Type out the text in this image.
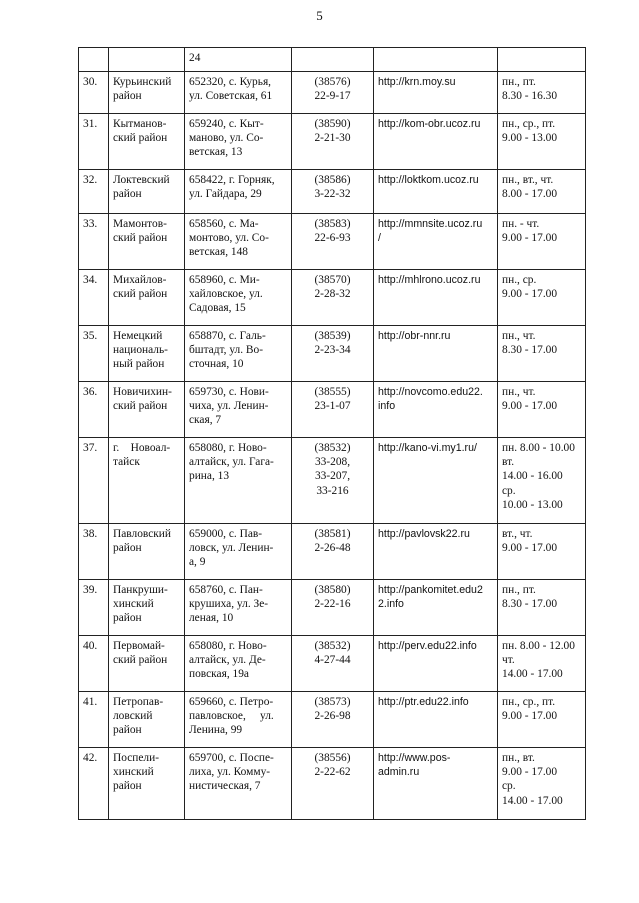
5

		24			

30.	Курьинский
район	652320, с. Курья,
ул. Советская, 61	(38576)
22-9-17	http://krn.moy.su	пн., пт.
8.30 - 16.30

31.	Кытманов-
ский район	659240, с. Кыт-
маново, ул. Со-
ветская, 13	(38590)
2-21-30	http://kom-obr.ucoz.ru	пн., ср., пт.
9.00 - 13.00

32.	Локтевский
район	658422, г. Горняк,
ул. Гайдара, 29	(38586)
3-22-32	http://loktkom.ucoz.ru	пн., вт., чт.
8.00 - 17.00

33.	Мамонтов-
ский район	658560, с. Ма-
монтово, ул. Со-
ветская, 148	(38583)
22-6-93	http://mmnsite.ucoz.ru
/	пн. - чт.
9.00 - 17.00

34.	Михайлов-
ский район	658960, с. Ми-
хайловское, ул.
Садовая, 15	(38570)
2-28-32	http://mhlrono.ucoz.ru	пн., ср.
9.00 - 17.00

35.	Немецкий
националь-
ный район	658870, с. Галь-
бштадт, ул. Во-
сточная, 10	(38539)
2-23-34	http://obr-nnr.ru	пн., чт.
8.30 - 17.00

36.	Новичихин-
ский район	659730, с. Нови-
чиха, ул. Ленин-
ская, 7	(38555)
23-1-07	http://novcomo.edu22.
info	пн., чт.
9.00 - 17.00

37.	г.    Новоал-
тайск	658080, г. Ново-
алтайск, ул. Гага-
рина, 13	(38532)
33-208,
33-207,
33-216	http://kano-vi.my1.ru/	пн. 8.00 - 10.00
вт.
14.00 - 16.00
ср.
10.00 - 13.00

38.	Павловский
район	659000, с. Пав-
ловск, ул. Ленин-
а, 9	(38581)
2-26-48	http://pavlovsk22.ru	вт., чт.
9.00 - 17.00

39.	Панкруши-
хинский
район	658760, с. Пан-
крушиха, ул. Зе-
леная, 10	(38580)
2-22-16	http://pankomitet.edu2
2.info	пн., пт.
8.30 - 17.00

40.	Первомай-
ский район	658080, г. Ново-
алтайск, ул. Де-
повская, 19а	(38532)
4-27-44	http://perv.edu22.info	пн. 8.00 - 12.00
чт.
14.00 - 17.00

41.	Петропав-
ловский
район	659660, с. Петро-
павловское,     ул.
Ленина, 99	(38573)
2-26-98	http://ptr.edu22.info	пн., ср., пт.
9.00 - 17.00

42.	Поспели-
хинский
район	659700, с. Поспе-
лиха, ул. Комму-
нистическая, 7	(38556)
2-22-62	http://www.pos-
admin.ru	пн., вт.
9.00 - 17.00
ср.
14.00 - 17.00
